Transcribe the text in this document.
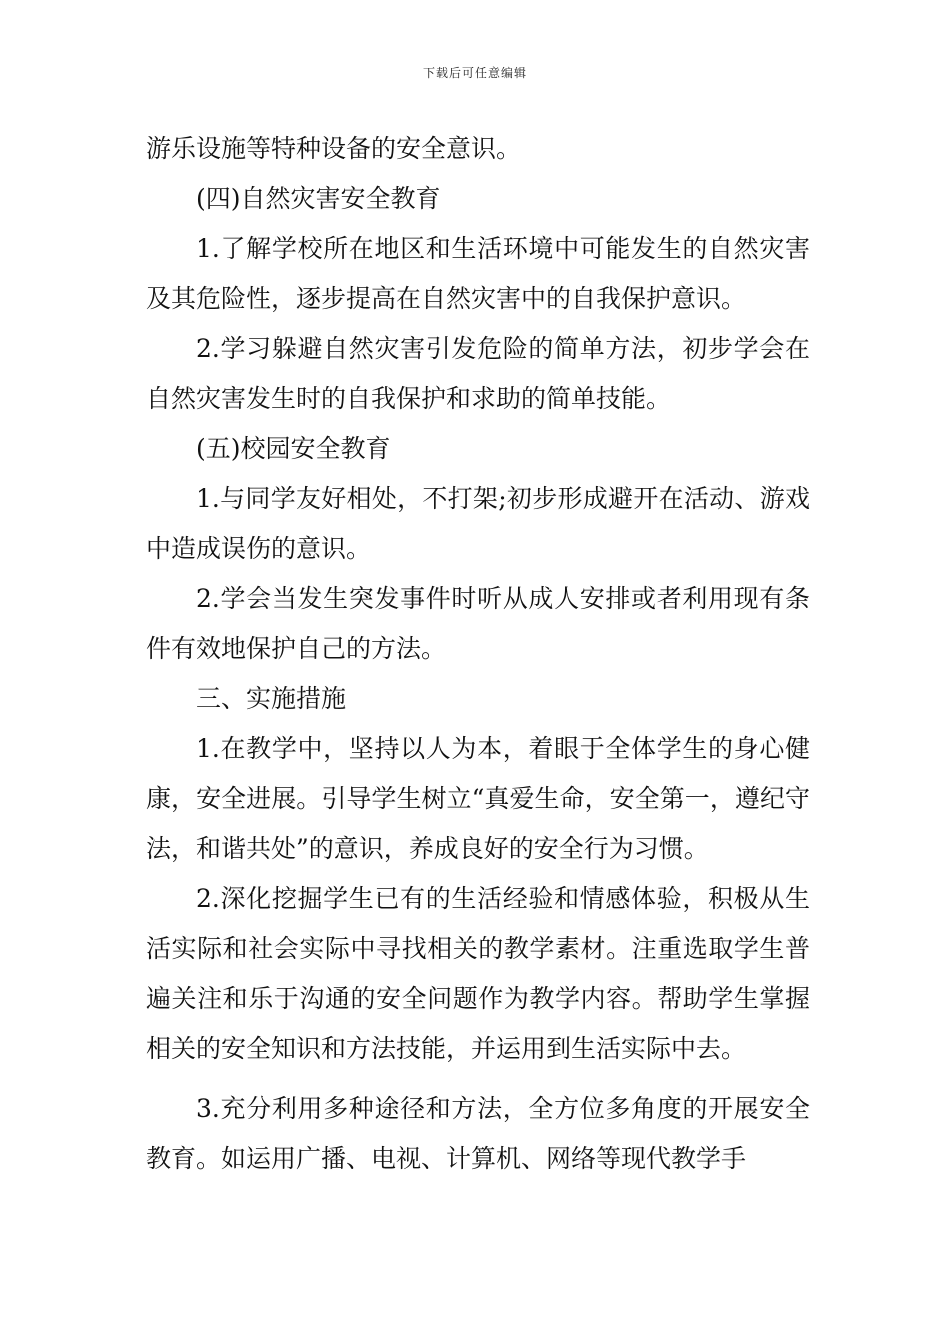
下载后可任意编辑

游乐设施等特种设备的安全意识。

(四)自然灾害安全教育

1.了解学校所在地区和生活环境中可能发生的自然灾害及其危险性，逐步提高在自然灾害中的自我保护意识。

2.学习躲避自然灾害引发危险的简单方法，初步学会在自然灾害发生时的自我保护和求助的简单技能。

(五)校园安全教育

1.与同学友好相处，不打架;初步形成避开在活动、游戏中造成误伤的意识。

2.学会当发生突发事件时听从成人安排或者利用现有条件有效地保护自己的方法。

三、实施措施

1.在教学中，坚持以人为本，着眼于全体学生的身心健康，安全进展。引导学生树立“真爱生命，安全第一，遵纪守法，和谐共处”的意识，养成良好的安全行为习惯。

2.深化挖掘学生已有的生活经验和情感体验，积极从生活实际和社会实际中寻找相关的教学素材。注重选取学生普遍关注和乐于沟通的安全问题作为教学内容。帮助学生掌握相关的安全知识和方法技能，并运用到生活实际中去。

3.充分利用多种途径和方法，全方位多角度的开展安全教育。如运用广播、电视、计算机、网络等现代教学手
